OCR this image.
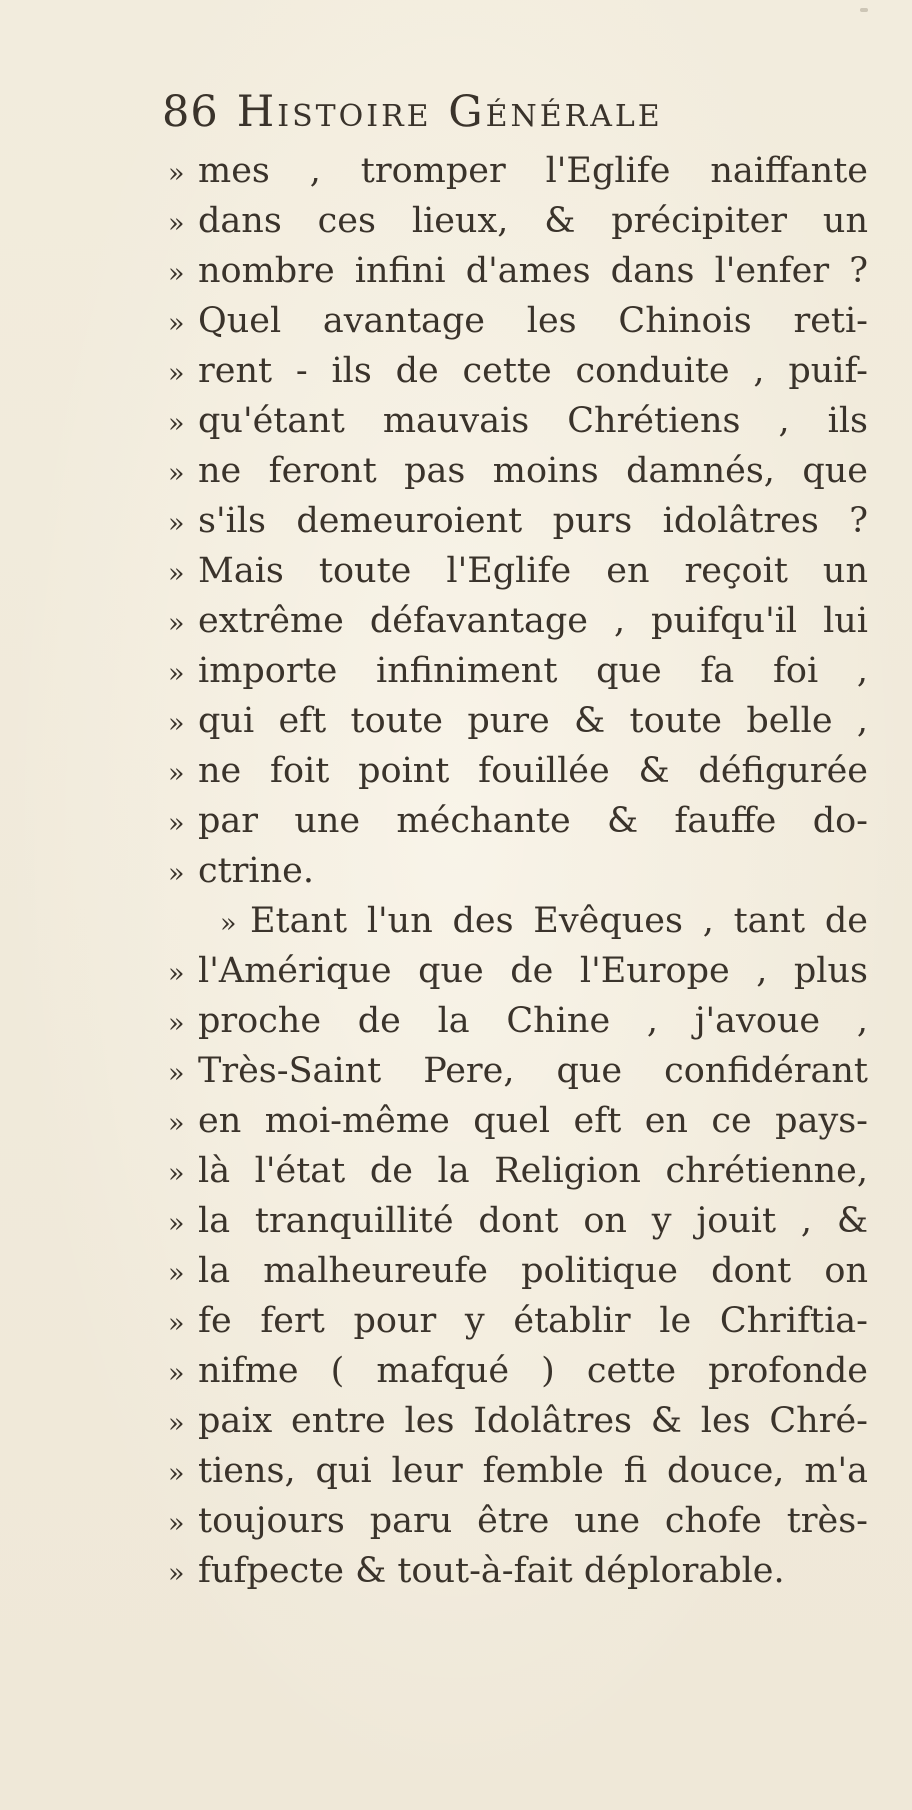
86 Histoire Générale
» mes , tromper l'Eglife naiffante
» dans ces lieux, & précipiter un
» nombre infini d'ames dans l'enfer ?
» Quel avantage les Chinois reti-
» rent - ils de cette conduite , puif-
» qu'étant mauvais Chrétiens , ils
» ne feront pas moins damnés, que
» s'ils demeuroient purs idolâtres ?
» Mais toute l'Eglife en reçoit un
» extrême défavantage , puifqu'il lui
» importe infiniment que fa foi ,
» qui eft toute pure & toute belle ,
» ne foit point fouillée & défigurée
» par une méchante & fauffe do-
» ctrine.
» Etant l'un des Evêques , tant de
» l'Amérique que de l'Europe , plus
» proche de la Chine , j'avoue ,
» Très-Saint Pere, que confidérant
» en moi-même quel eft en ce pays-
» là l'état de la Religion chrétienne,
» la tranquillité dont on y jouit , &
» la malheureufe politique dont on
» fe fert pour y établir le Chriftia-
» nifme ( mafqué ) cette profonde
» paix entre les Idolâtres & les Chré-
» tiens, qui leur femble fi douce, m'a
» toujours paru être une chofe très-
» fufpecte & tout-à-fait déplorable.
